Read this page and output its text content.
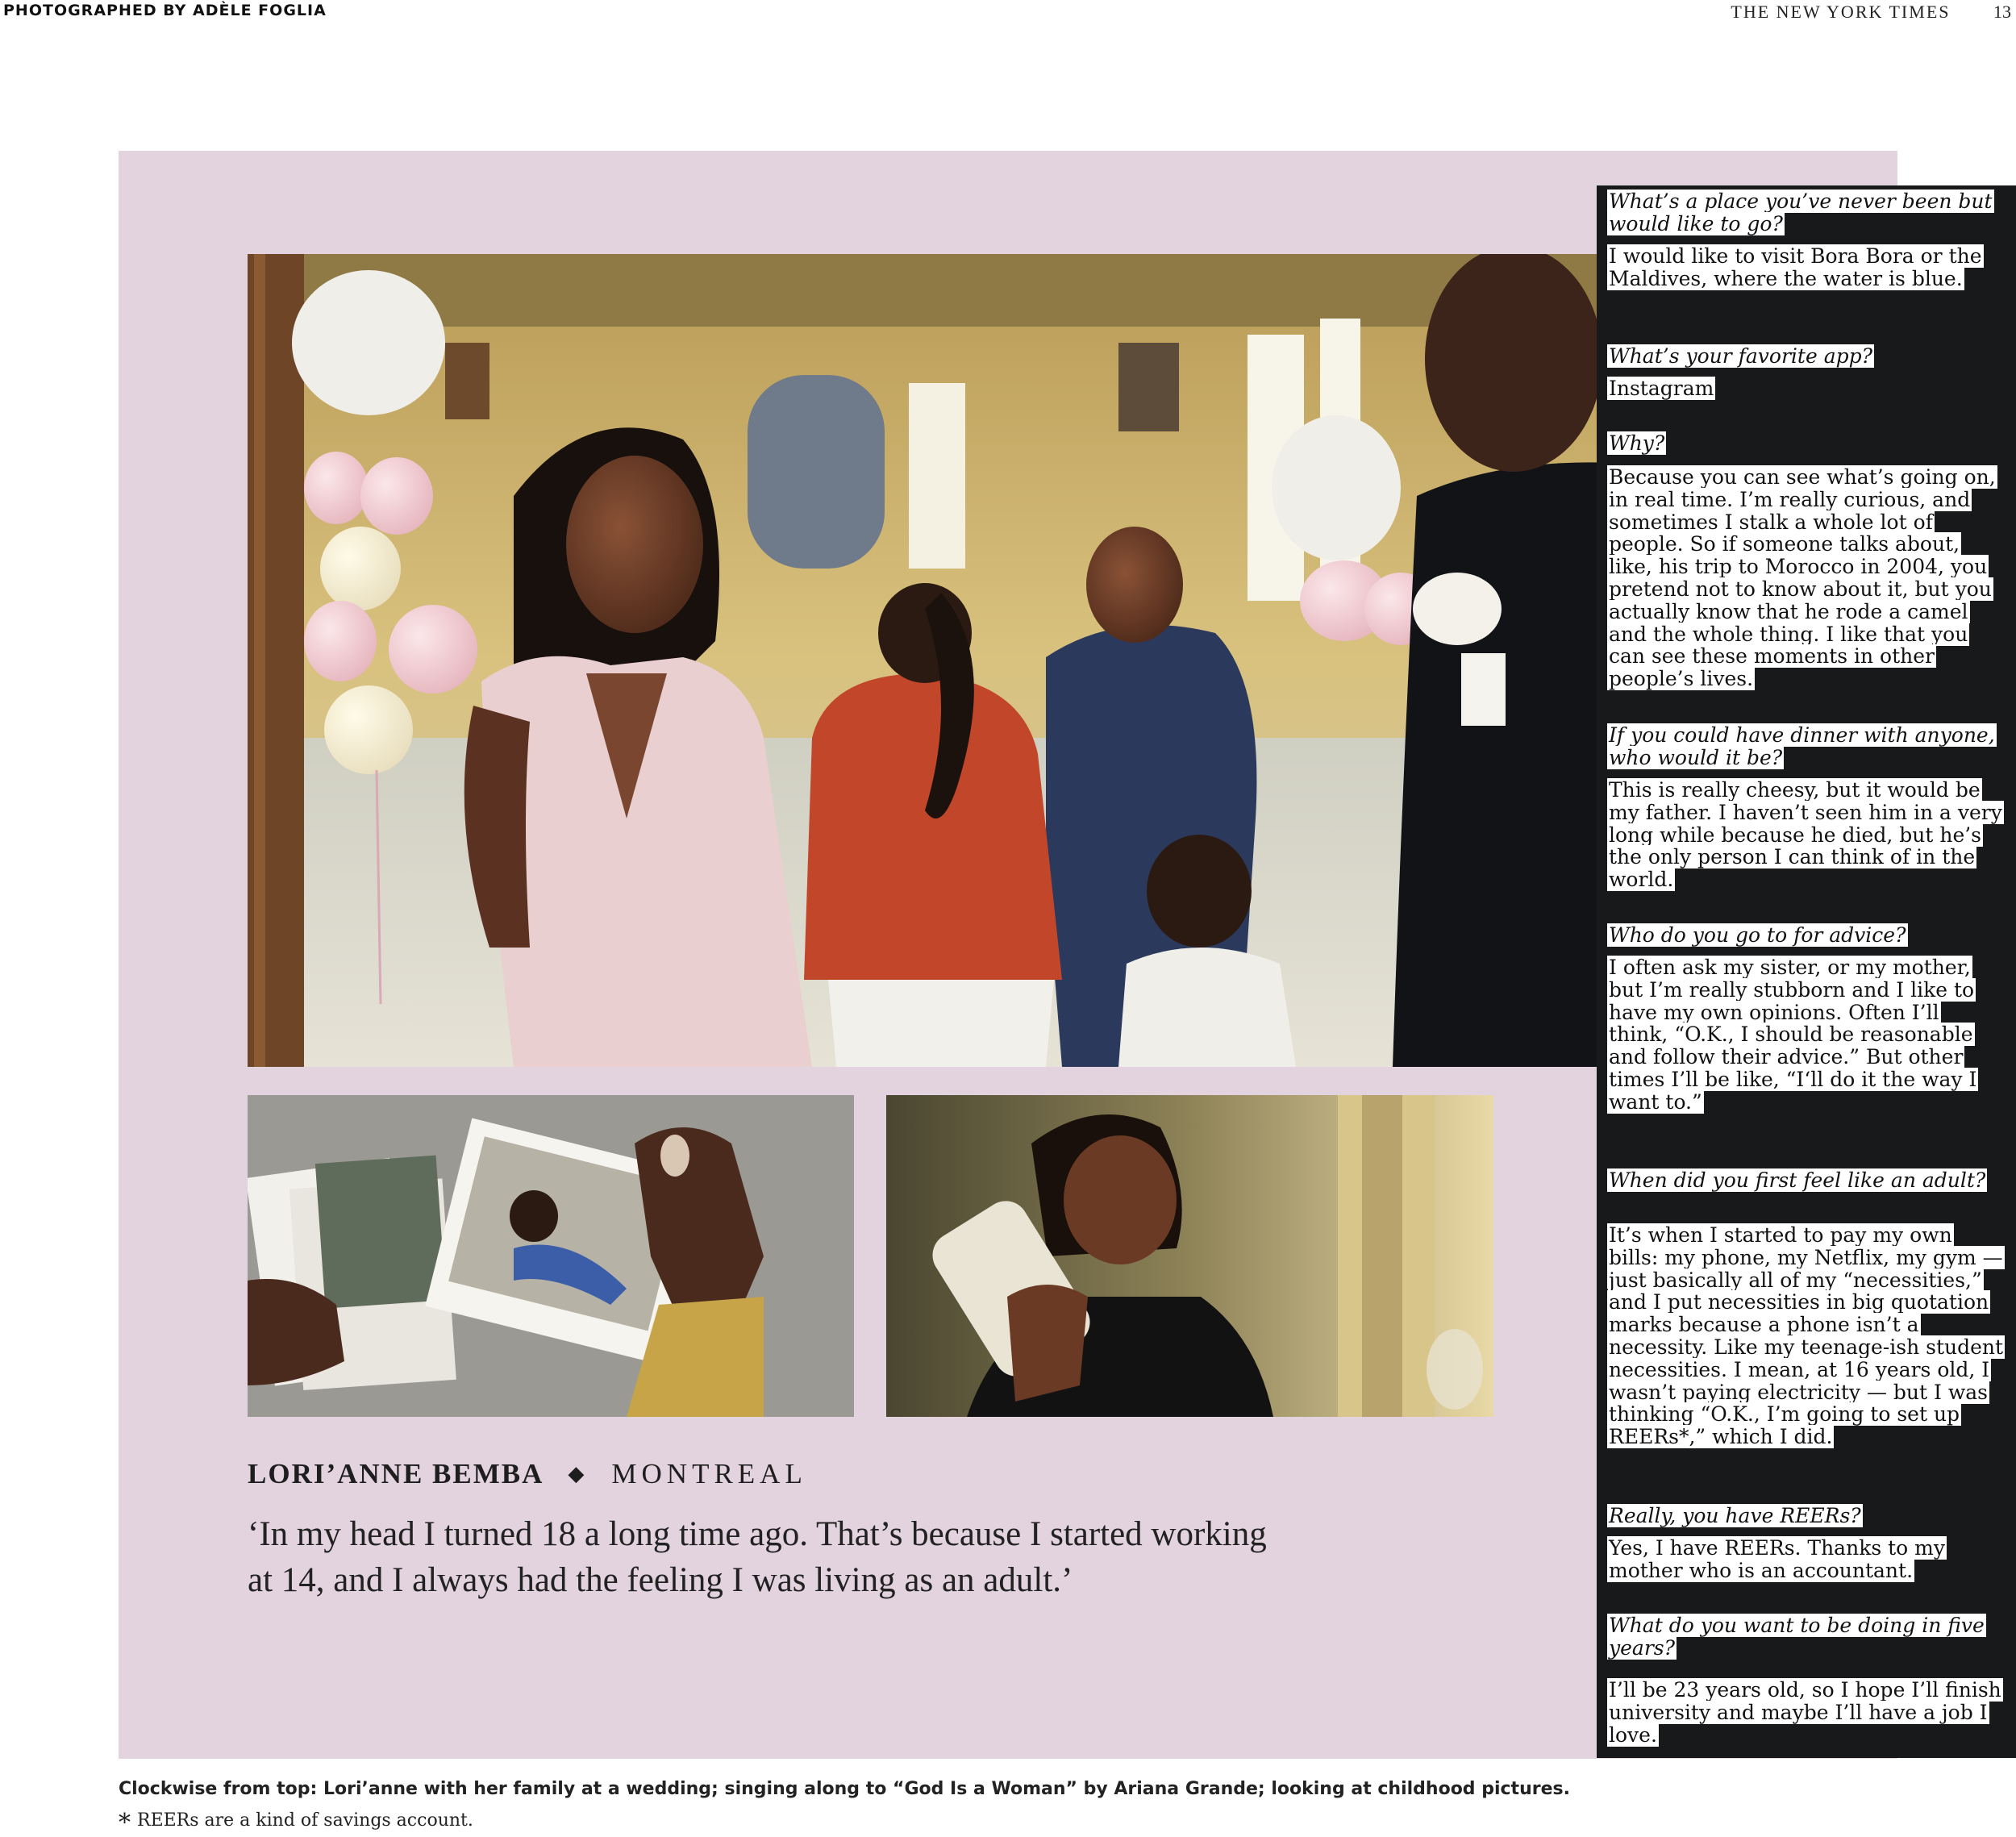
PHOTOGRAPHED BY ADÈLE FOGLIA	THE NEW YORK TIMES 13
LORI’ANNE BEMBA ◆ MONTREAL

‘In my head I turned 18 a long time ago. That’s because I started working
at 14, and I always had the feeling I was living as an adult.’

What’s a place you’ve never been but would like to go?

I would like to visit Bora Bora or the Maldives, where the water is blue.

What’s your favorite app?

Instagram

Why?

Because you can see what’s going on, in real time. I’m really curious, and sometimes I stalk a whole lot of people. So if someone talks about, like, his trip to Morocco in 2004, you pretend not to know about it, but you actually know that he rode a camel and the whole thing. I like that you can see these moments in other people’s lives.

If you could have dinner with anyone, who would it be?

This is really cheesy, but it would be my father. I haven’t seen him in a very long while because he died, but he’s the only person I can think of in the world.

Who do you go to for advice?

I often ask my sister, or my mother, but I’m really stubborn and I like to have my own opinions. Often I’ll think, “O.K., I should be reasonable and follow their advice.” But other times I’ll be like, “I‘ll do it the way I want to.”

When did you first feel like an adult?

It’s when I started to pay my own bills: my phone, my Netflix, my gym — just basically all of my “necessities,” and I put necessities in big quotation marks because a phone isn’t a necessity. Like my teenage-ish student necessities. I mean, at 16 years old, I wasn’t paying electricity — but I was thinking “O.K., I’m going to set up REERs*,” which I did.

Really, you have REERs?

Yes, I have REERs. Thanks to my mother who is an accountant.

What do you want to be doing in five years?

I’ll be 23 years old, so I hope I’ll finish university and maybe I’ll have a job I love.

Clockwise from top: Lori’anne with her family at a wedding; singing along to “God Is a Woman” by Ariana Grande; looking at childhood pictures.
* REERs are a kind of savings account.
